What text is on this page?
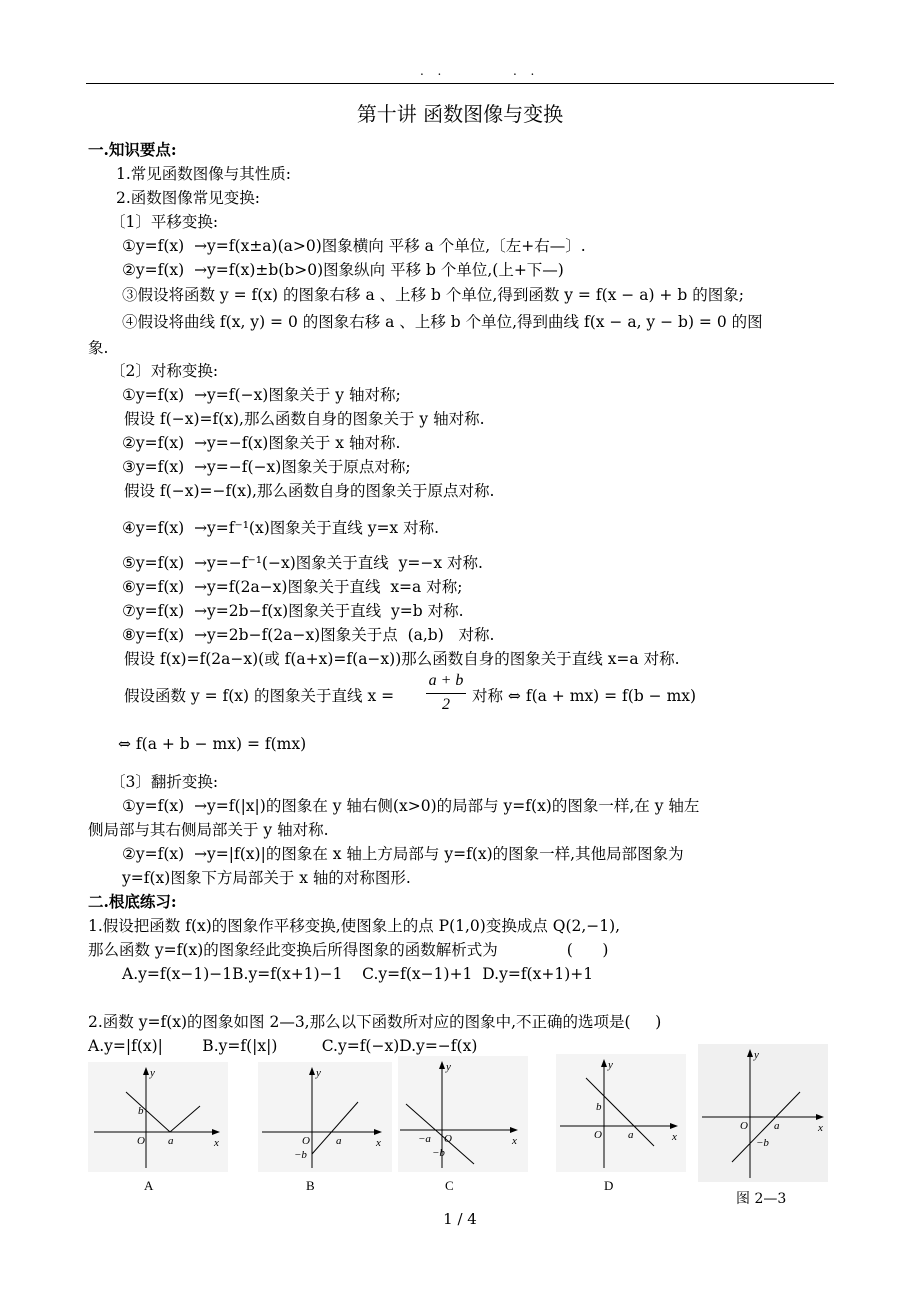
.  .            .  .
第十讲 函数图像与变换
一.知识要点:
1.常见函数图像与其性质:
2.函数图像常见变换:
〔1〕平移变换:
①y=f(x)  →y=f(x±a)(a>0)图象横向 平移 a 个单位,〔左+右—〕.
②y=f(x)  →y=f(x)±b(b>0)图象纵向 平移 b 个单位,(上+下—)
③假设将函数 y = f(x) 的图象右移 a 、上移 b 个单位,得到函数 y = f(x − a) + b 的图象;
④假设将曲线 f(x, y) = 0 的图象右移 a 、上移 b 个单位,得到曲线 f(x − a, y − b) = 0 的图
象.
〔2〕对称变换:
①y=f(x)  →y=f(−x)图象关于 y 轴对称;
假设 f(−x)=f(x),那么函数自身的图象关于 y 轴对称.
②y=f(x)  →y=−f(x)图象关于 x 轴对称.
③y=f(x)  →y=−f(−x)图象关于原点对称;
假设 f(−x)=−f(x),那么函数自身的图象关于原点对称.
④y=f(x)  →y=f⁻¹(x)图象关于直线 y=x 对称.
⑤y=f(x)  →y=−f⁻¹(−x)图象关于直线  y=−x 对称.
⑥y=f(x)  →y=f(2a−x)图象关于直线  x=a 对称;
⑦y=f(x)  →y=2b−f(x)图象关于直线  y=b 对称.
⑧y=f(x)  →y=2b−f(2a−x)图象关于点  (a,b)   对称.
假设 f(x)=f(2a−x)(或 f(a+x)=f(a−x))那么函数自身的图象关于直线 x=a 对称.
假设函数 y = f(x) 的图象关于直线 x =
a + b
2	对称 ⇔ f(a + mx) = f(b − mx)
⇔ f(a + b − mx) = f(mx)
〔3〕翻折变换:
①y=f(x)  →y=f(|x|)的图象在 y 轴右侧(x>0)的局部与 y=f(x)的图象一样,在 y 轴左
侧局部与其右侧局部关于 y 轴对称.
②y=f(x)  →y=|f(x)|的图象在 x 轴上方局部与 y=f(x)的图象一样,其他局部图象为
y=f(x)图象下方局部关于 x 轴的对称图形.
二.根底练习:
1.假设把函数 f(x)的图象作平移变换,使图象上的点 P(1,0)变换成点 Q(2,−1),
那么函数 y=f(x)的图象经此变换后所得图象的函数解析式为              (      )
A.y=f(x−1)−1B.y=f(x+1)−1    C.y=f(x−1)+1  D.y=f(x+1)+1
2.函数 y=f(x)的图象如图 2—3,那么以下函数所对应的图象中,不正确的选项是(     )
A.y=|f(x)|        B.y=f(|x|)         C.y=f(−x)D.y=−f(x)
y
x
O a
b
A
y
x
O a
−b
B
y
x
O
−a
−b
C
y
x
O a
b
D
y
x
O a
−b
图 2—3
1 / 4
